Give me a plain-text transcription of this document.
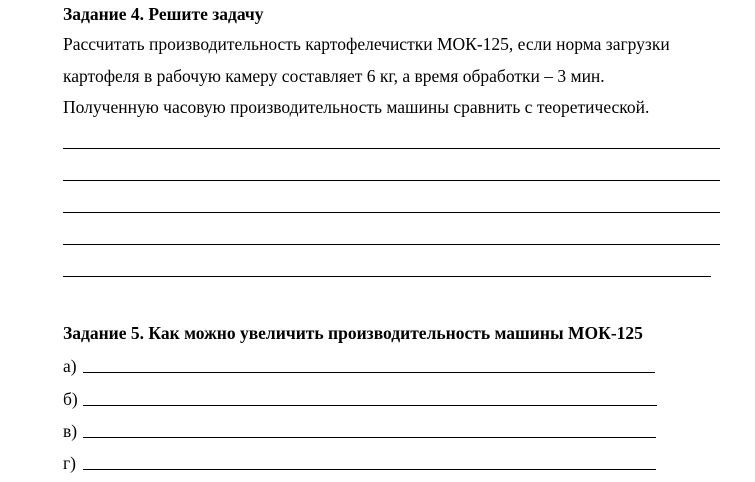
Задание 4. Решите задачу
Рассчитать производительность картофелечистки МОК-125, если норма загрузки
картофеля в рабочую камеру составляет 6 кг, а время обработки – 3 мин.
Полученную часовую производительность машины сравнить с теоретической.
Задание 5. Как можно увеличить производительность машины МОК-125
а)
б)
в)
г)
